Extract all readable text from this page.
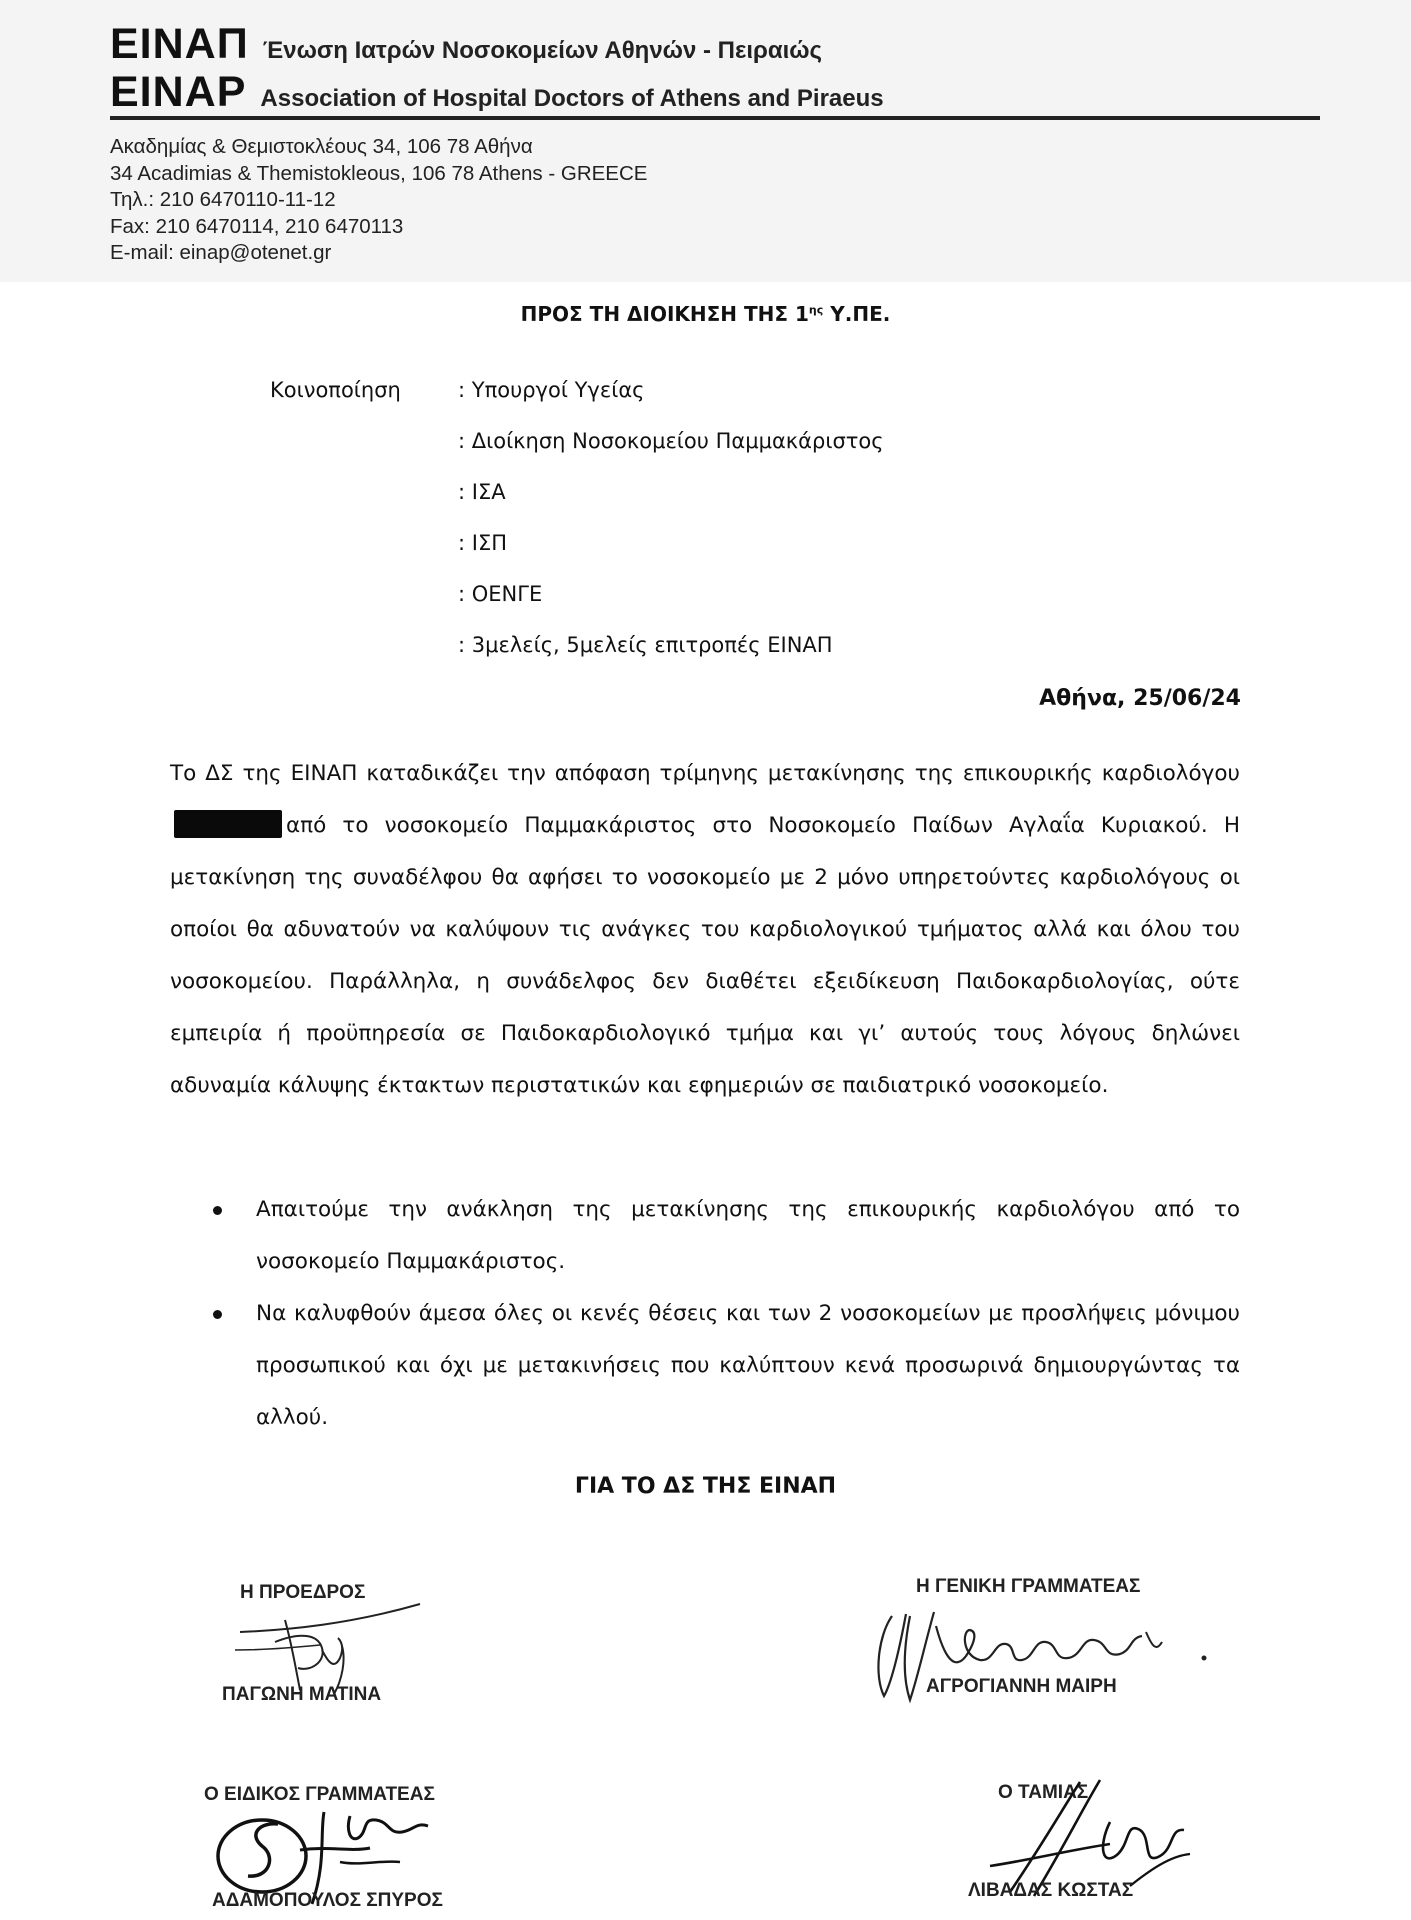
ΕΙΝΑΠ Ένωση Ιατρών Νοσοκομείων Αθηνών - Πειραιώς
EINAP Association of Hospital Doctors of Athens and Piraeus
Ακαδημίας & Θεμιστοκλέους 34, 106 78 Αθήνα
34 Acadimias & Themistokleous, 106 78 Athens - GREECE
Τηλ.: 210 6470110-11-12
Fax: 210 6470114, 210 6470113
E-mail: einap@otenet.gr
ΠΡΟΣ ΤΗ ΔΙΟΙΚΗΣΗ ΤΗΣ $1^{\eta\varsigma}$ Υ.ΠΕ.
Κοινοποίηση	: Υπουργοί Υγείας
: Διοίκηση Νοσοκομείου Παμμακάριστος
: ΙΣΑ
: ΙΣΠ
: ΟΕΝΓΕ
: 3μελείς, 5μελείς επιτροπές ΕΙΝΑΠ
Αθήνα, 25/06/24
Το ΔΣ της ΕΙΝΑΠ καταδικάζει την απόφαση τρίμηνης μετακίνησης της επικουρικής καρδιολόγουαπό το νοσοκομείο Παμμακάριστος στο Νοσοκομείο Παίδων Αγλαΐα Κυριακού. Η μετακίνηση της συναδέλφου θα αφήσει το νοσοκομείο με 2 μόνο υπηρετούντες καρδιολόγους οι οποίοι θα αδυνατούν να καλύψουν τις ανάγκες του καρδιολογικού τμήματος αλλά και όλου του νοσοκομείου. Παράλληλα, η συνάδελφος δεν διαθέτει εξειδίκευση Παιδοκαρδιολογίας, ούτε εμπειρία ή προϋπηρεσία σε Παιδοκαρδιολογικό τμήμα και γι’ αυτούς τους λόγους δηλώνει αδυναμία κάλυψης έκτακτων περιστατικών και εφημεριών σε παιδιατρικό νοσοκομείο.
Απαιτούμε την ανάκληση της μετακίνησης της επικουρικής καρδιολόγου από το νοσοκομείο Παμμακάριστος.
Να καλυφθούν άμεσα όλες οι κενές θέσεις και των 2 νοσοκομείων με προσλήψεις μόνιμου προσωπικού και όχι με μετακινήσεις που καλύπτουν κενά προσωρινά δημιουργώντας τα αλλού.
ΓΙΑ ΤΟ ΔΣ ΤΗΣ ΕΙΝΑΠ
Η ΠΡΟΕΔΡΟΣ
ΠΑΓΩΝΗ ΜΑΤΙΝΑ
Η ΓΕΝΙΚΗ ΓΡΑΜΜΑΤΕΑΣ
ΑΓΡΟΓΙΑΝΝΗ ΜΑΙΡΗ
Ο ΕΙΔΙΚΟΣ ΓΡΑΜΜΑΤΕΑΣ
ΑΔΑΜΟΠΟΥΛΟΣ ΣΠΥΡΟΣ
Ο ΤΑΜΙΑΣ
ΛΙΒΑΔΑΣ ΚΩΣΤΑΣ
